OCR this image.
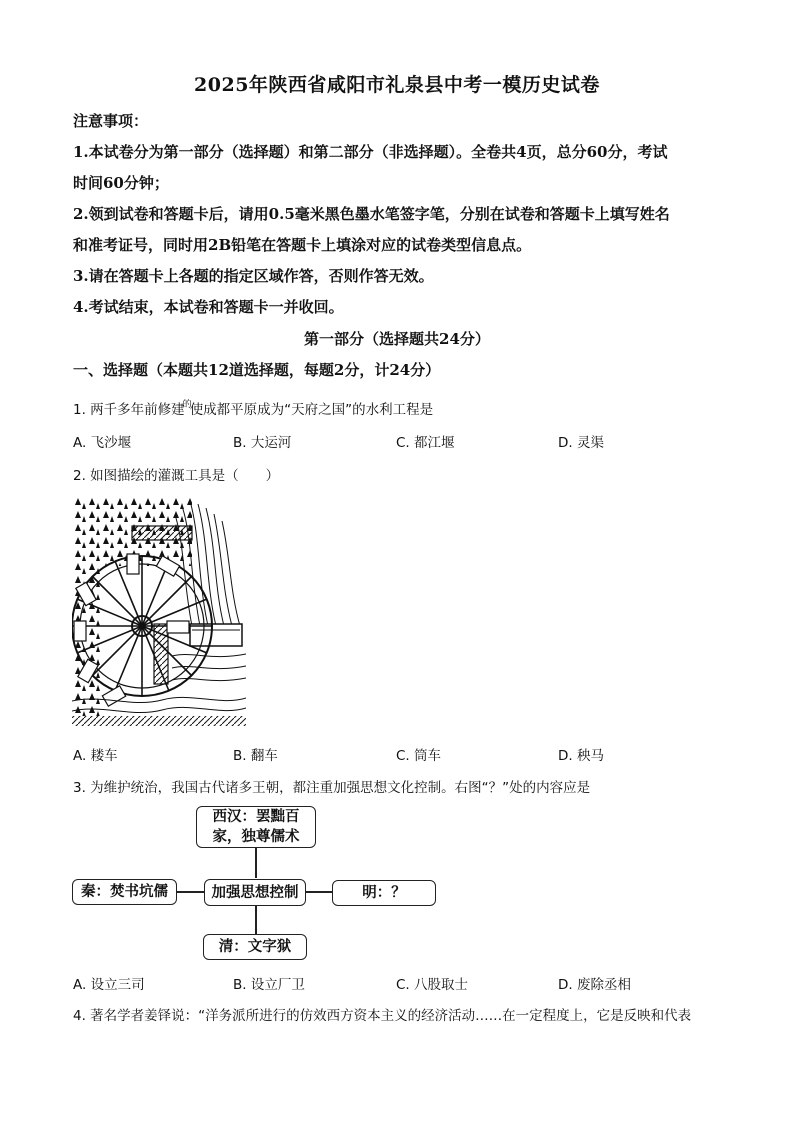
2025年陕西省咸阳市礼泉县中考一模历史试卷
注意事项：
1.本试卷分为第一部分（选择题）和第二部分（非选择题）。全卷共4页，总分60分，考试
时间60分钟；
2.领到试卷和答题卡后，请用0.5毫米黑色墨水笔签字笔，分别在试卷和答题卡上填写姓名
和准考证号，同时用2B铅笔在答题卡上填涂对应的试卷类型信息点。
3.请在答题卡上各题的指定区域作答，否则作答无效。
4.考试结束，本试卷和答题卡一并收回。
第一部分（选择题共24分）
一、选择题（本题共12道选择题，每题2分，计24分）
1. 两千多年前修建$^的$使成都平原成为“天府之国”的水利工程是
A. 飞沙堰	B. 大运河	C. 都江堰	D. 灵渠
2. 如图描绘的灌溉工具是（　　）
A. 耧车	B. 翻车	C. 筒车	D. 秧马
3. 为维护统治，我国古代诸多王朝，都注重加强思想文化控制。右图“？”处的内容应是
西汉：罢黜百
家，独尊儒术
秦：焚书坑儒	加强思想控制	明：？
清：文字狱
A. 设立三司	B. 设立厂卫	C. 八股取士	D. 废除丞相
4. 著名学者姜铎说：“洋务派所进行的仿效西方资本主义的经济活动……在一定程度上，它是反映和代表
